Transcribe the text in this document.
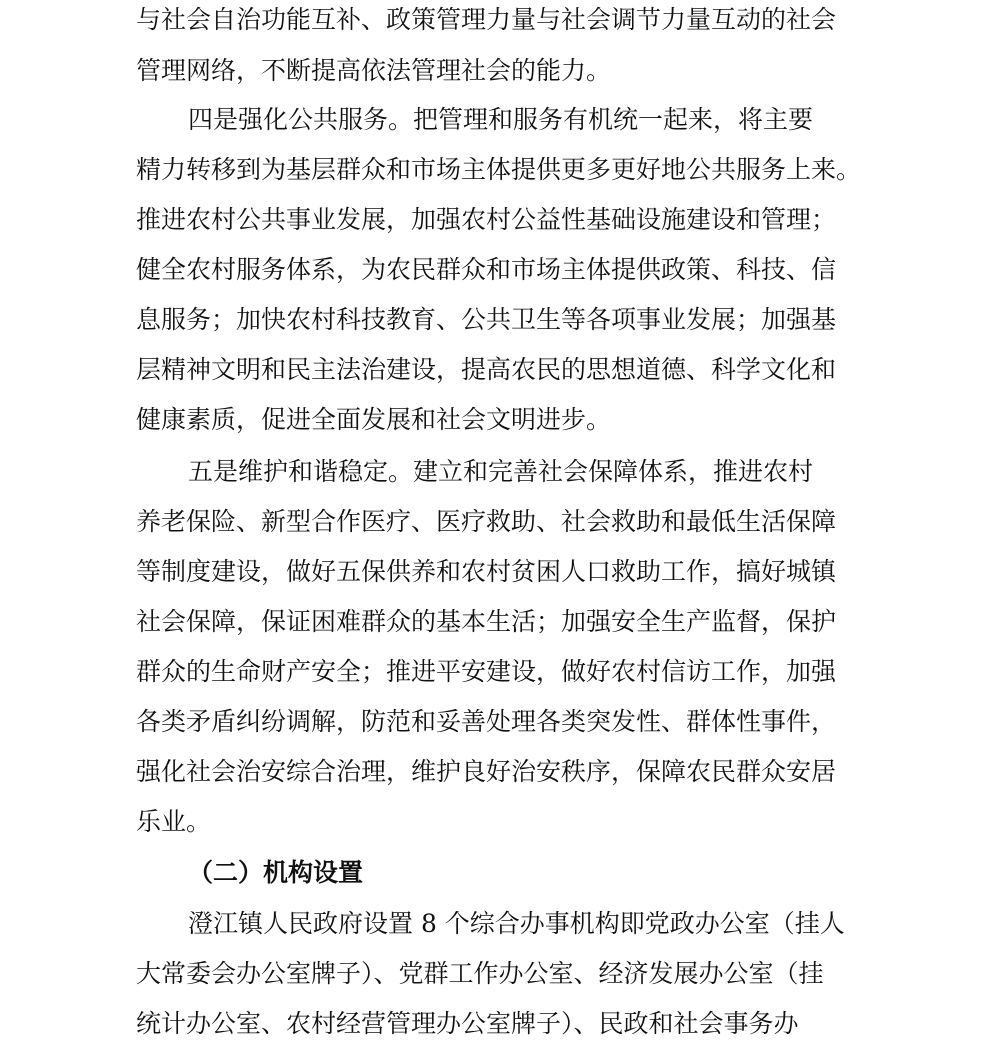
与社会自治功能互补、政策管理力量与社会调节力量互动的社会
管理网络，不断提高依法管理社会的能力。
四是强化公共服务。把管理和服务有机统一起来，将主要
精力转移到为基层群众和市场主体提供更多更好地公共服务上来。
推进农村公共事业发展，加强农村公益性基础设施建设和管理；
健全农村服务体系，为农民群众和市场主体提供政策、科技、信
息服务；加快农村科技教育、公共卫生等各项事业发展；加强基
层精神文明和民主法治建设，提高农民的思想道德、科学文化和
健康素质，促进全面发展和社会文明进步。
五是维护和谐稳定。建立和完善社会保障体系，推进农村
养老保险、新型合作医疗、医疗救助、社会救助和最低生活保障
等制度建设，做好五保供养和农村贫困人口救助工作，搞好城镇
社会保障，保证困难群众的基本生活；加强安全生产监督，保护
群众的生命财产安全；推进平安建设，做好农村信访工作，加强
各类矛盾纠纷调解，防范和妥善处理各类突发性、群体性事件，
强化社会治安综合治理，维护良好治安秩序，保障农民群众安居
乐业。
（二）机构设置
澄江镇人民政府设置 8 个综合办事机构即党政办公室（挂人
大常委会办公室牌子）、党群工作办公室、经济发展办公室（挂
统计办公室、农村经营管理办公室牌子）、民政和社会事务办
